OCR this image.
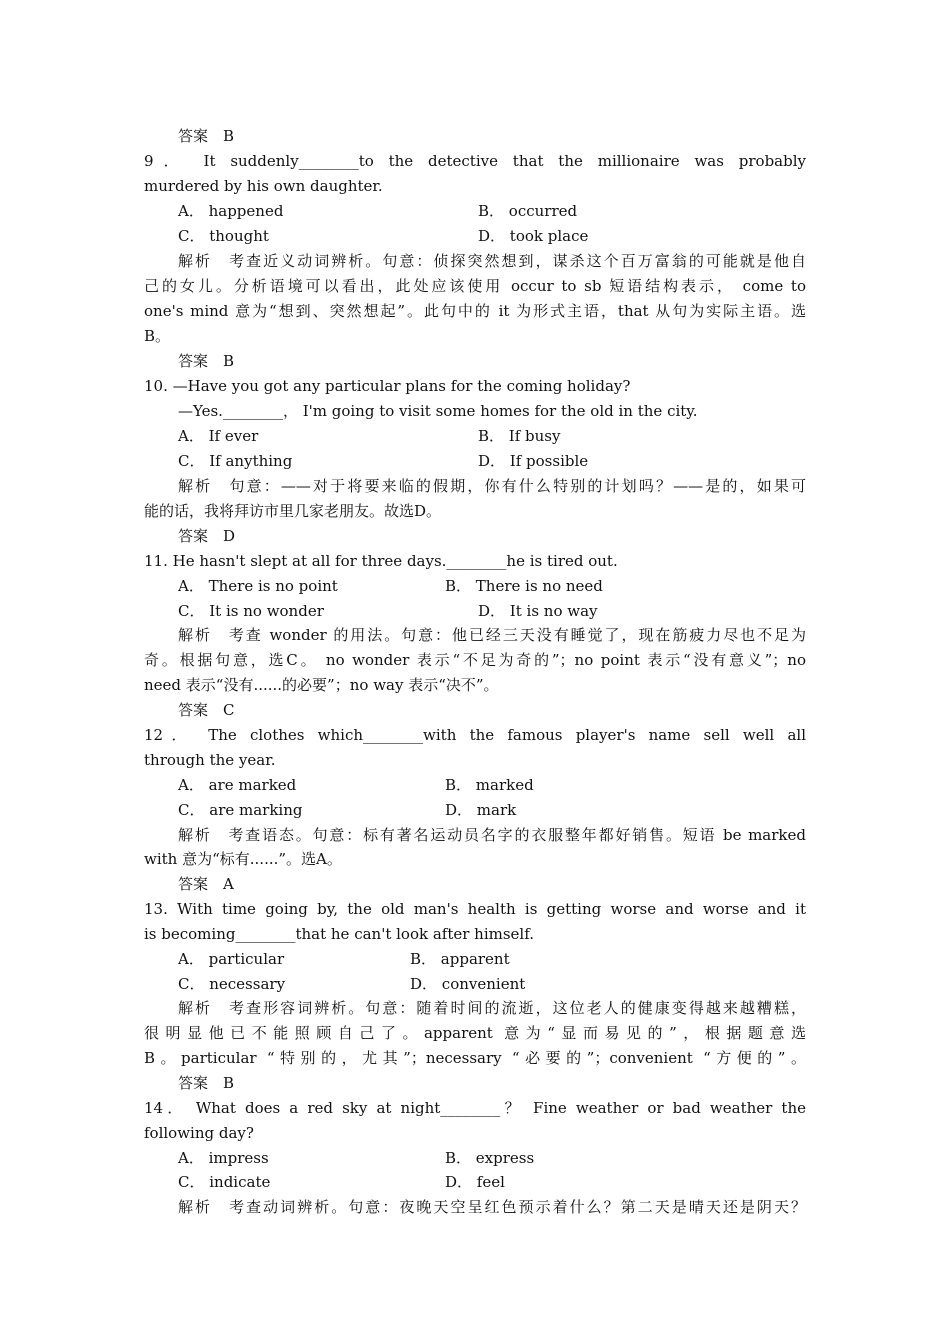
答案　B
9． It suddenly________to the detective that the millionaire was probably
murdered by his own daughter.
A． happened	B． occurred
C． thought	D． took place
解析　考查近义动词辨析。句意：侦探突然想到，谋杀这个百万富翁的可能就是他自
己的女儿。分析语境可以看出，此处应该使用 occur to sb 短语结构表示， come to
one's mind 意为“想到、突然想起”。此句中的 it 为形式主语，that 从句为实际主语。选
B。
答案　B
10. —Have you got any particular plans for the coming holiday?
—Yes.________， I'm going to visit some homes for the old in the city.
A． If ever	B． If busy
C． If anything	D． If possible
解析　句意：——对于将要来临的假期，你有什么特别的计划吗？——是的，如果可
能的话，我将拜访市里几家老朋友。故选D。
答案　D
11. He hasn't slept at all for three days.________he is tired out.
A． There is no point	B． There is no need
C． It is no wonder	D． It is no way
解析　考查 wonder 的用法。句意：他已经三天没有睡觉了，现在筋疲力尽也不足为
奇。根据句意，选C。 no wonder 表示“不足为奇的”；no point 表示“没有意义”；no
need 表示“没有......的必要”；no way 表示“决不”。
答案　C
12． The clothes which________with the famous player's name sell well all
through the year.
A． are marked	B． marked
C． are marking	D． mark
解析　考查语态。句意：标有著名运动员名字的衣服整年都好销售。短语 be marked
with 意为“标有......”。选A。
答案　A
13. With time going by, the old man's health is getting worse and worse and it
is becoming________that he can't look after himself.
A． particular	B． apparent
C． necessary	D． convenient
解析　考查形容词辨析。句意：随着时间的流逝，这位老人的健康变得越来越糟糕，
很明显他已不能照顾自己了。apparent 意为“显而易见的”，根据题意选
B。particular “特别的，尤其”；necessary “必要的”；convenient “方便的”。
答案　B
14． What does a red sky at night________？ Fine weather or bad weather the
following day?
A． impress	B． express
C． indicate	D． feel
解析　考查动词辨析。句意：夜晚天空呈红色预示着什么？第二天是晴天还是阴天？
